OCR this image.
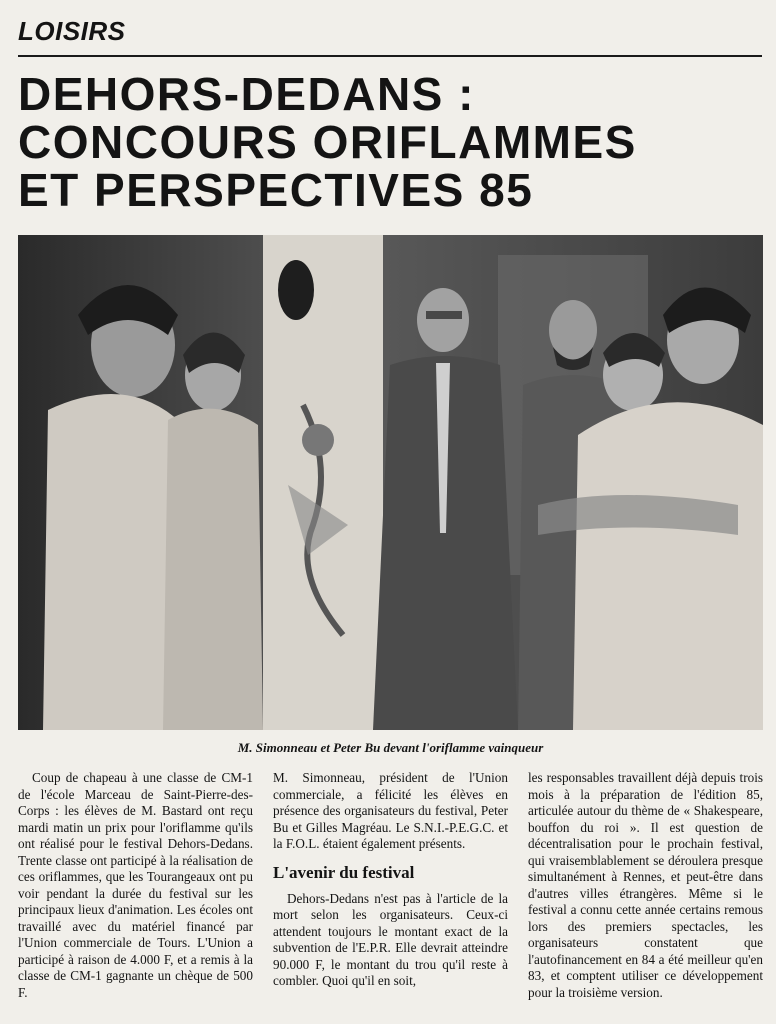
LOISIRS
DEHORS-DEDANS :
CONCOURS ORIFLAMMES
ET PERSPECTIVES 85
M. Simonneau et Peter Bu devant l'oriflamme vainqueur

Coup de chapeau à une classe de CM-1 de l'école Marceau de Saint-Pierre-des-Corps : les élèves de M. Bastard ont reçu mardi matin un prix pour l'oriflamme qu'ils ont réalisé pour le festival Dehors-Dedans. Trente classe ont participé à la réalisation de ces oriflammes, que les Tourangeaux ont pu voir pendant la durée du festival sur les principaux lieux d'animation. Les écoles ont travaillé avec du matériel financé par l'Union commerciale de Tours. L'Union a participé à raison de 4.000 F, et a remis à la classe de CM-1 gagnante un chèque de 500 F.

M. Simonneau, président de l'Union commerciale, a félicité les élèves en présence des organisateurs du festival, Peter Bu et Gilles Magréau. Le S.N.I.-P.E.G.C. et la F.O.L. étaient également présents.

L'avenir du festival

Dehors-Dedans n'est pas à l'article de la mort selon les organisateurs. Ceux-ci attendent toujours le montant exact de la subvention de l'E.P.R. Elle devrait atteindre 90.000 F, le montant du trou qu'il reste à combler. Quoi qu'il en soit,

les responsables travaillent déjà depuis trois mois à la préparation de l'édition 85, articulée autour du thème de « Shakespeare, bouffon du roi ». Il est question de décentralisation pour le prochain festival, qui vraisemblablement se déroulera presque simultanément à Rennes, et peut-être dans d'autres villes étrangères. Même si le festival a connu cette année certains remous lors des premiers spectacles, les organisateurs constatent que l'autofinancement en 84 a été meilleur qu'en 83, et comptent utiliser ce développement pour la troisième version.
